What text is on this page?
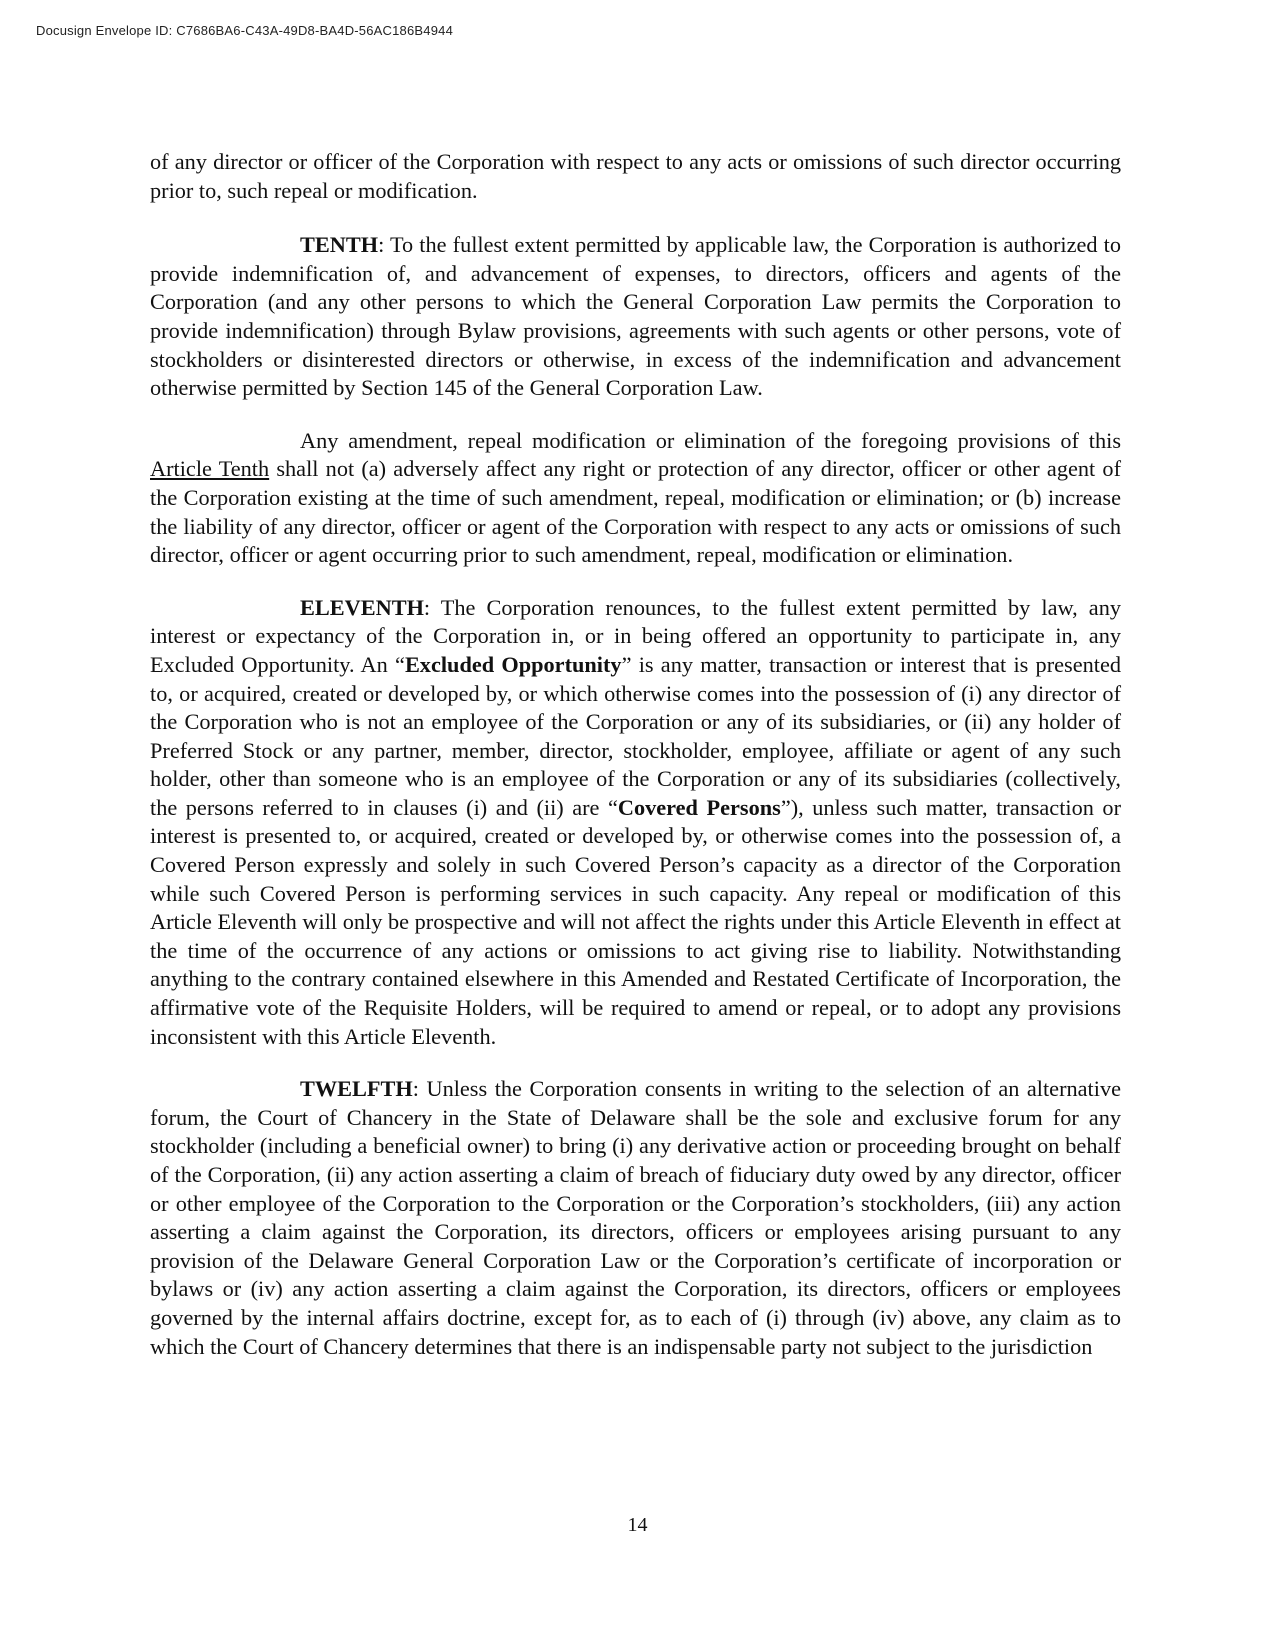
Docusign Envelope ID: C7686BA6-C43A-49D8-BA4D-56AC186B4944

of any director or officer of the Corporation with respect to any acts or omissions of such director occurring prior to, such repeal or modification.

TENTH: To the fullest extent permitted by applicable law, the Corporation is authorized to provide indemnification of, and advancement of expenses, to directors, officers and agents of the Corporation (and any other persons to which the General Corporation Law permits the Corporation to provide indemnification) through Bylaw provisions, agreements with such agents or other persons, vote of stockholders or disinterested directors or otherwise, in excess of the indemnification and advancement otherwise permitted by Section 145 of the General Corporation Law.

Any amendment, repeal modification or elimination of the foregoing provisions of this Article Tenth shall not (a) adversely affect any right or protection of any director, officer or other agent of the Corporation existing at the time of such amendment, repeal, modification or elimination; or (b) increase the liability of any director, officer or agent of the Corporation with respect to any acts or omissions of such director, officer or agent occurring prior to such amendment, repeal, modification or elimination.

ELEVENTH: The Corporation renounces, to the fullest extent permitted by law, any interest or expectancy of the Corporation in, or in being offered an opportunity to participate in, any Excluded Opportunity. An “Excluded Opportunity” is any matter, transaction or interest that is presented to, or acquired, created or developed by, or which otherwise comes into the possession of (i) any director of the Corporation who is not an employee of the Corporation or any of its subsidiaries, or (ii) any holder of Preferred Stock or any partner, member, director, stockholder, employee, affiliate or agent of any such holder, other than someone who is an employee of the Corporation or any of its subsidiaries (collectively, the persons referred to in clauses (i) and (ii) are “Covered Persons”), unless such matter, transaction or interest is presented to, or acquired, created or developed by, or otherwise comes into the possession of, a Covered Person expressly and solely in such Covered Person’s capacity as a director of the Corporation while such Covered Person is performing services in such capacity. Any repeal or modification of this Article Eleventh will only be prospective and will not affect the rights under this Article Eleventh in effect at the time of the occurrence of any actions or omissions to act giving rise to liability. Notwithstanding anything to the contrary contained elsewhere in this Amended and Restated Certificate of Incorporation, the affirmative vote of the Requisite Holders, will be required to amend or repeal, or to adopt any provisions inconsistent with this Article Eleventh.

TWELFTH: Unless the Corporation consents in writing to the selection of an alternative forum, the Court of Chancery in the State of Delaware shall be the sole and exclusive forum for any stockholder (including a beneficial owner) to bring (i) any derivative action or proceeding brought on behalf of the Corporation, (ii) any action asserting a claim of breach of fiduciary duty owed by any director, officer or other employee of the Corporation to the Corporation or the Corporation’s stockholders, (iii) any action asserting a claim against the Corporation, its directors, officers or employees arising pursuant to any provision of the Delaware General Corporation Law or the Corporation’s certificate of incorporation or bylaws or (iv) any action asserting a claim against the Corporation, its directors, officers or employees governed by the internal affairs doctrine, except for, as to each of (i) through (iv) above, any claim as to which the Court of Chancery determines that there is an indispensable party not subject to the jurisdiction

14
